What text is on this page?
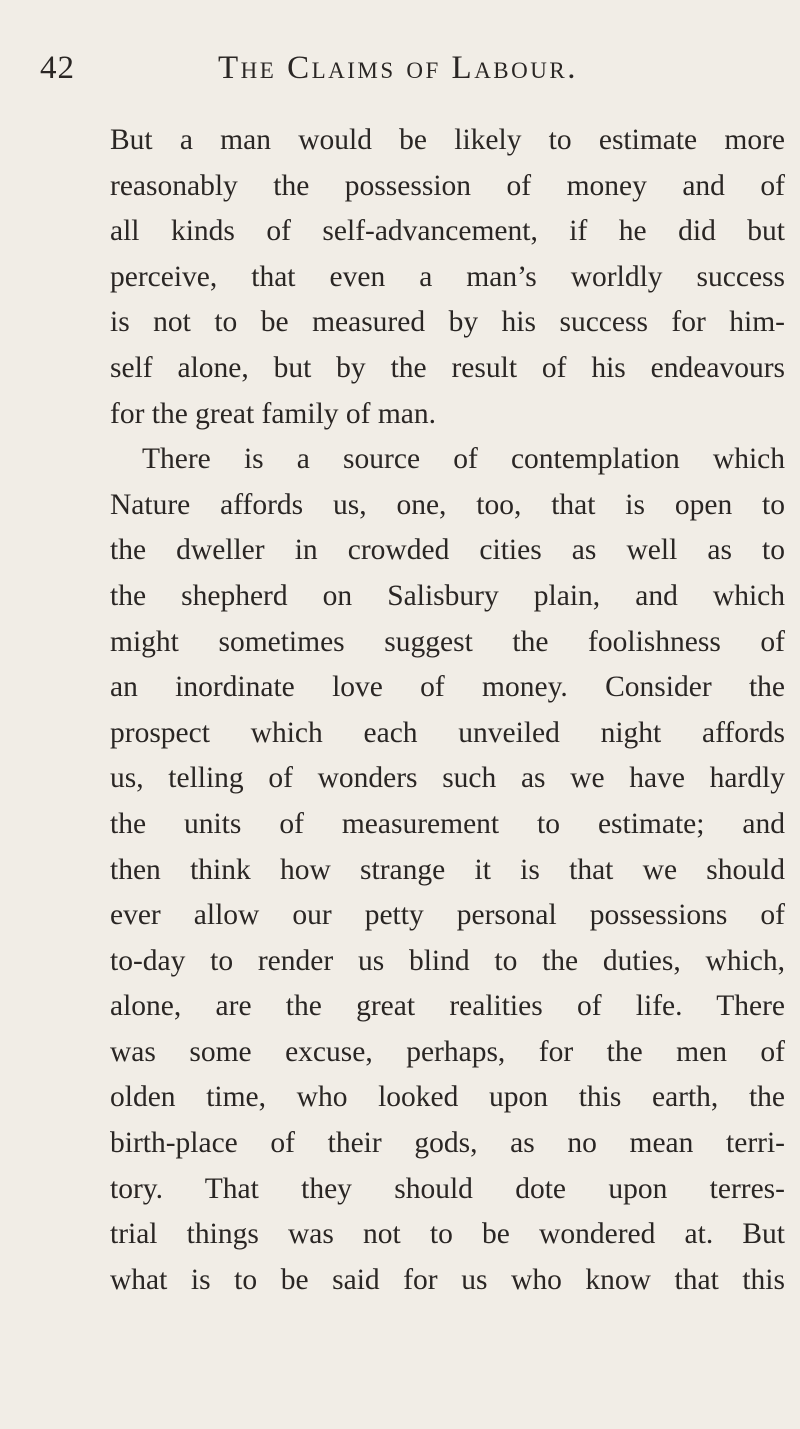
42	The Claims of Labour.
But a man would be likely to estimate more
reasonably the possession of money and of
all kinds of self-advancement, if he did but
perceive, that even a man’s worldly success
is not to be measured by his success for him-
self alone, but by the result of his endeavours
for the great family of man.
There is a source of contemplation which
Nature affords us, one, too, that is open to
the dweller in crowded cities as well as to
the shepherd on Salisbury plain, and which
might sometimes suggest the foolishness of
an inordinate love of money. Consider the
prospect which each unveiled night affords
us, telling of wonders such as we have hardly
the units of measurement to estimate; and
then think how strange it is that we should
ever allow our petty personal possessions of
to-day to render us blind to the duties, which,
alone, are the great realities of life. There
was some excuse, perhaps, for the men of
olden time, who looked upon this earth, the
birth-place of their gods, as no mean terri-
tory. That they should dote upon terres-
trial things was not to be wondered at. But
what is to be said for us who know that this
